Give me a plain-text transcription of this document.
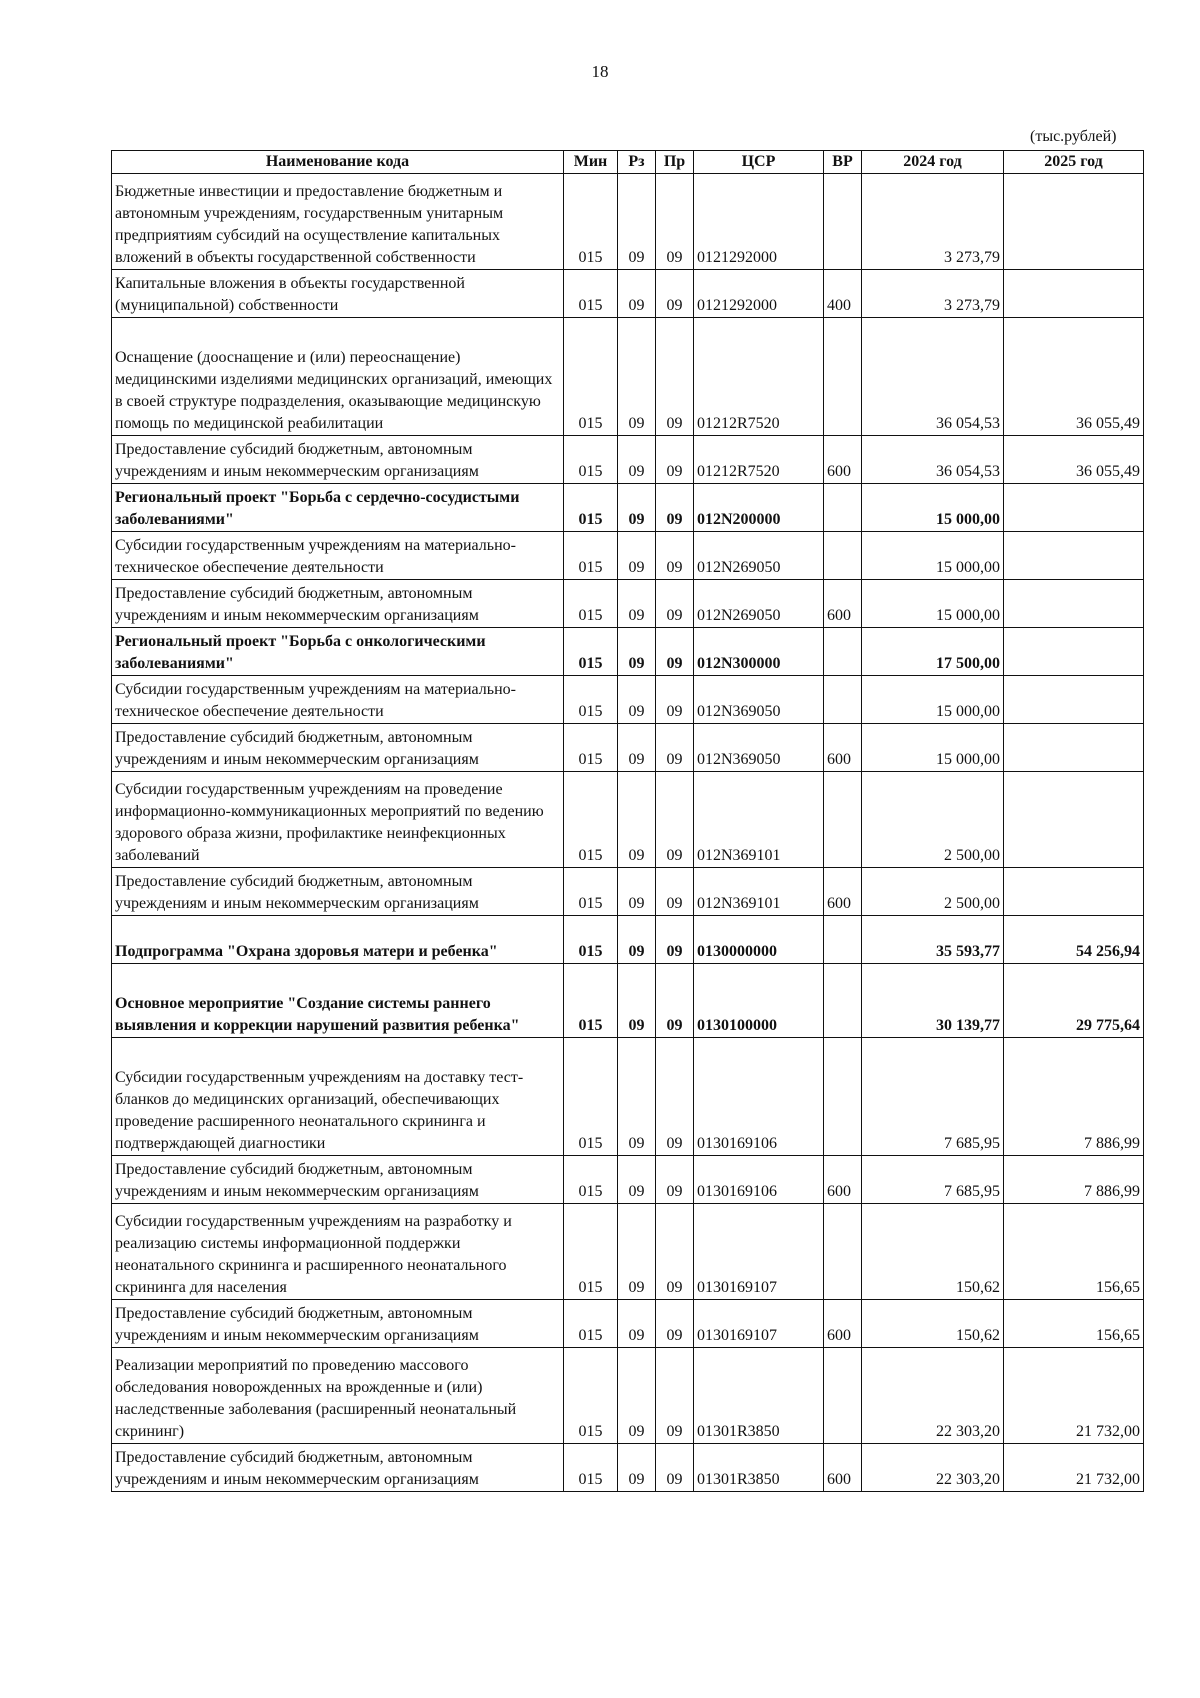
18
(тыс.рублей)
Наименование кода	Мин	Рз	Пр	ЦСР	ВР	2024 год	2025 год
Бюджетные инвестиции и предоставление бюджетным и автономным учреждениям, государственным унитарным предприятиям субсидий на осуществление капитальных вложений в объекты государственной собственности	015	09	09	0121292000		3 273,79	
Капитальные вложения в объекты государственной (муниципальной) собственности	015	09	09	0121292000	400	3 273,79	
Оснащение (дооснащение и (или) переоснащение) медицинскими изделиями медицинских организаций, имеющих в своей структуре подразделения, оказывающие медицинскую помощь по медицинской реабилитации	015	09	09	01212R7520		36 054,53	36 055,49
Предоставление субсидий бюджетным, автономным учреждениям и иным некоммерческим организациям	015	09	09	01212R7520	600	36 054,53	36 055,49
Региональный проект "Борьба с сердечно-сосудистыми заболеваниями"	015	09	09	012N200000		15 000,00	
Субсидии государственным учреждениям на материально-техническое обеспечение деятельности	015	09	09	012N269050		15 000,00	
Предоставление субсидий бюджетным, автономным учреждениям и иным некоммерческим организациям	015	09	09	012N269050	600	15 000,00	
Региональный проект "Борьба с онкологическими заболеваниями"	015	09	09	012N300000		17 500,00	
Субсидии государственным учреждениям на материально-техническое обеспечение деятельности	015	09	09	012N369050		15 000,00	
Предоставление субсидий бюджетным, автономным учреждениям и иным некоммерческим организациям	015	09	09	012N369050	600	15 000,00	
Субсидии государственным учреждениям на проведение информационно-коммуникационных мероприятий по ведению здорового образа жизни, профилактике неинфекционных заболеваний	015	09	09	012N369101		2 500,00	
Предоставление субсидий бюджетным, автономным учреждениям и иным некоммерческим организациям	015	09	09	012N369101	600	2 500,00	
Подпрограмма "Охрана здоровья матери и ребенка"	015	09	09	0130000000		35 593,77	54 256,94
Основное мероприятие "Создание системы раннего выявления и коррекции нарушений развития ребенка"	015	09	09	0130100000		30 139,77	29 775,64
Субсидии государственным учреждениям на доставку тест-бланков до медицинских организаций, обеспечивающих проведение расширенного неонатального скрининга и подтверждающей диагностики	015	09	09	0130169106		7 685,95	7 886,99
Предоставление субсидий бюджетным, автономным учреждениям и иным некоммерческим организациям	015	09	09	0130169106	600	7 685,95	7 886,99
Субсидии государственным учреждениям на разработку и реализацию системы информационной поддержки неонатального скрининга и расширенного неонатального скрининга для населения	015	09	09	0130169107		150,62	156,65
Предоставление субсидий бюджетным, автономным учреждениям и иным некоммерческим организациям	015	09	09	0130169107	600	150,62	156,65
Реализации мероприятий по проведению массового обследования новорожденных на врожденные и (или) наследственные заболевания (расширенный неонатальный скрининг)	015	09	09	01301R3850		22 303,20	21 732,00
Предоставление субсидий бюджетным, автономным учреждениям и иным некоммерческим организациям	015	09	09	01301R3850	600	22 303,20	21 732,00
